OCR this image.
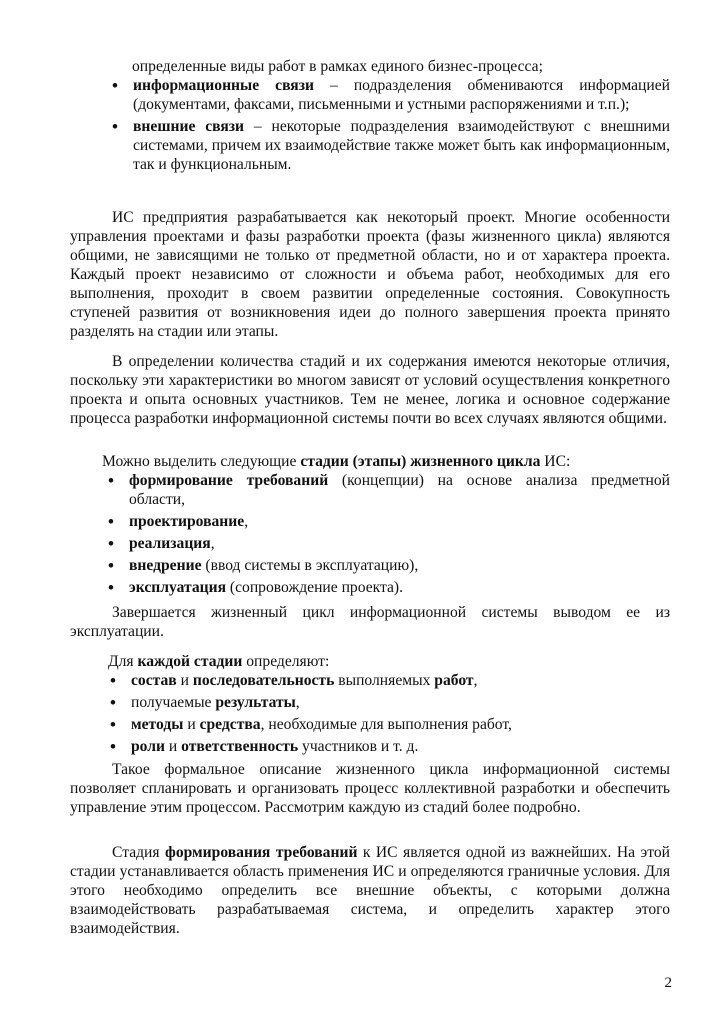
определенные виды работ в рамках единого бизнес-процесса;
• информационные связи – подразделения обмениваются информацией (документами, факсами, письменными и устными распоряжениями и т.п.);
• внешние связи – некоторые подразделения взаимодействуют с внешними системами, причем их взаимодействие также может быть как информационным, так и функциональным.

ИС предприятия разрабатывается как некоторый проект. Многие особенности управления проектами и фазы разработки проекта (фазы жизненного цикла) являются общими, не зависящими не только от предметной области, но и от характера проекта. Каждый проект независимо от сложности и объема работ, необходимых для его выполнения, проходит в своем развитии определенные состояния. Совокупность ступеней развития от возникновения идеи до полного завершения проекта принято разделять на стадии или этапы.

В определении количества стадий и их содержания имеются некоторые отличия, поскольку эти характеристики во многом зависят от условий осуществления конкретного проекта и опыта основных участников. Тем не менее, логика и основное содержание процесса разработки информационной системы почти во всех случаях являются общими.

Можно выделить следующие стадии (этапы) жизненного цикла ИС:
• формирование требований (концепции) на основе анализа предметной области,
• проектирование,
• реализация,
• внедрение (ввод системы в эксплуатацию),
• эксплуатация (сопровождение проекта).

Завершается жизненный цикл информационной системы выводом ее из эксплуатации.

Для каждой стадии определяют:
• состав и последовательность выполняемых работ,
• получаемые результаты,
• методы и средства, необходимые для выполнения работ,
• роли и ответственность участников и т. д.

Такое формальное описание жизненного цикла информационной системы позволяет спланировать и организовать процесс коллективной разработки и обеспечить управление этим процессом. Рассмотрим каждую из стадий более подробно.

Стадия формирования требований к ИС является одной из важнейших. На этой стадии устанавливается область применения ИС и определяются граничные условия. Для этого необходимо определить все внешние объекты, с которыми должна взаимодействовать разрабатываемая система, и определить характер этого взаимодействия.

2
